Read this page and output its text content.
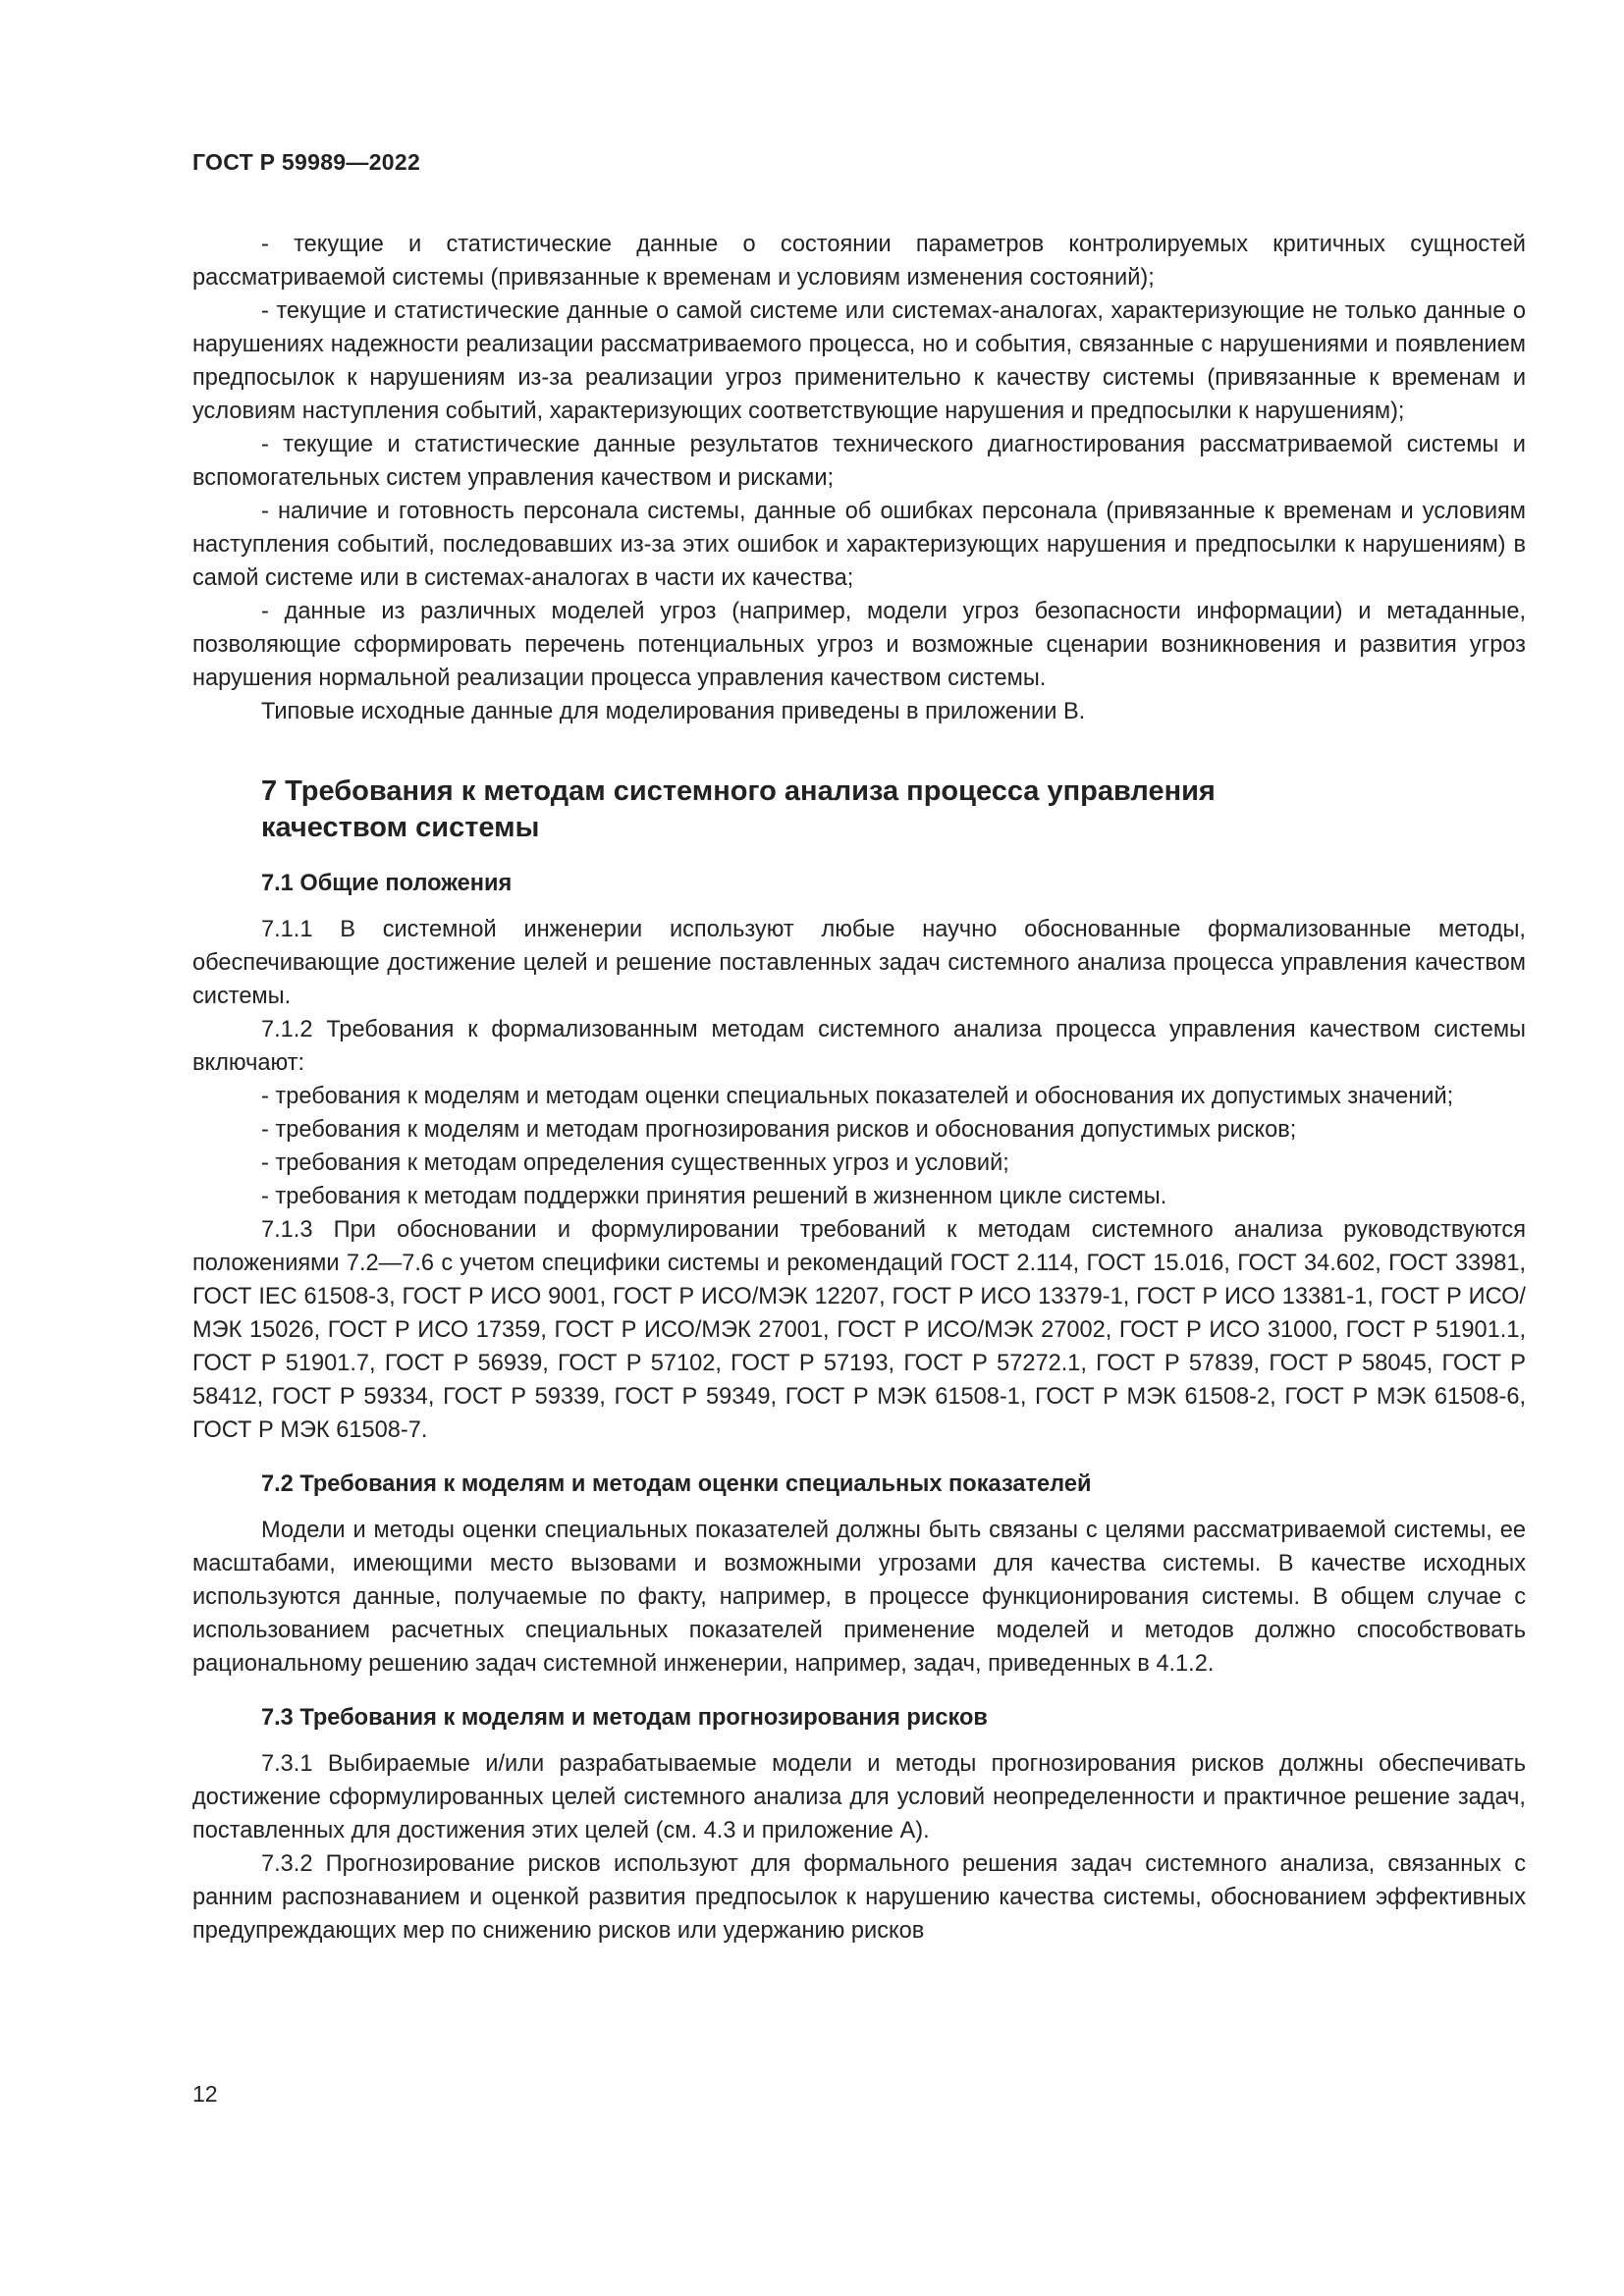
ГОСТ Р 59989—2022

- текущие и статистические данные о состоянии параметров контролируемых критичных сущностей рассматриваемой системы (привязанные к временам и условиям изменения состояний);

- текущие и статистические данные о самой системе или системах-аналогах, характеризующие не только данные о нарушениях надежности реализации рассматриваемого процесса, но и события, связанные с нарушениями и появлением предпосылок к нарушениям из-за реализации угроз применительно к качеству системы (привязанные к временам и условиям наступления событий, характеризующих соответствующие нарушения и предпосылки к нарушениям);

- текущие и статистические данные результатов технического диагностирования рассматриваемой системы и вспомогательных систем управления качеством и рисками;

- наличие и готовность персонала системы, данные об ошибках персонала (привязанные к временам и условиям наступления событий, последовавших из-за этих ошибок и характеризующих нарушения и предпосылки к нарушениям) в самой системе или в системах-аналогах в части их качества;

- данные из различных моделей угроз (например, модели угроз безопасности информации) и метаданные, позволяющие сформировать перечень потенциальных угроз и возможные сценарии возникновения и развития угроз нарушения нормальной реализации процесса управления качеством системы.

Типовые исходные данные для моделирования приведены в приложении В.

7 Требования к методам системного анализа процесса управления качеством системы
7.1 Общие положения

7.1.1 В системной инженерии используют любые научно обоснованные формализованные методы, обеспечивающие достижение целей и решение поставленных задач системного анализа процесса управления качеством системы.

7.1.2 Требования к формализованным методам системного анализа процесса управления качеством системы включают:

- требования к моделям и методам оценки специальных показателей и обоснования их допустимых значений;

- требования к моделям и методам прогнозирования рисков и обоснования допустимых рисков;

- требования к методам определения существенных угроз и условий;

- требования к методам поддержки принятия решений в жизненном цикле системы.

7.1.3 При обосновании и формулировании требований к методам системного анализа руководствуются положениями 7.2—7.6 с учетом специфики системы и рекомендаций ГОСТ 2.114, ГОСТ 15.016, ГОСТ 34.602, ГОСТ 33981, ГОСТ IEC 61508-3, ГОСТ Р ИСО 9001, ГОСТ Р ИСО/МЭК 12207, ГОСТ Р ИСО 13379-1, ГОСТ Р ИСО 13381-1, ГОСТ Р ИСО/МЭК 15026, ГОСТ Р ИСО 17359, ГОСТ Р ИСО/МЭК 27001, ГОСТ Р ИСО/МЭК 27002, ГОСТ Р ИСО 31000, ГОСТ Р 51901.1, ГОСТ Р 51901.7, ГОСТ Р 56939, ГОСТ Р 57102, ГОСТ Р 57193, ГОСТ Р 57272.1, ГОСТ Р 57839, ГОСТ Р 58045, ГОСТ Р 58412, ГОСТ Р 59334, ГОСТ Р 59339, ГОСТ Р 59349, ГОСТ Р МЭК 61508-1, ГОСТ Р МЭК 61508-2, ГОСТ Р МЭК 61508-6, ГОСТ Р МЭК 61508-7.

7.2 Требования к моделям и методам оценки специальных показателей

Модели и методы оценки специальных показателей должны быть связаны с целями рассматриваемой системы, ее масштабами, имеющими место вызовами и возможными угрозами для качества системы. В качестве исходных используются данные, получаемые по факту, например, в процессе функционирования системы. В общем случае с использованием расчетных специальных показателей применение моделей и методов должно способствовать рациональному решению задач системной инженерии, например, задач, приведенных в 4.1.2.

7.3 Требования к моделям и методам прогнозирования рисков

7.3.1 Выбираемые и/или разрабатываемые модели и методы прогнозирования рисков должны обеспечивать достижение сформулированных целей системного анализа для условий неопределенности и практичное решение задач, поставленных для достижения этих целей (см. 4.3 и приложение А).

7.3.2 Прогнозирование рисков используют для формального решения задач системного анализа, связанных с ранним распознаванием и оценкой развития предпосылок к нарушению качества системы, обоснованием эффективных предупреждающих мер по снижению рисков или удержанию рисков

12
